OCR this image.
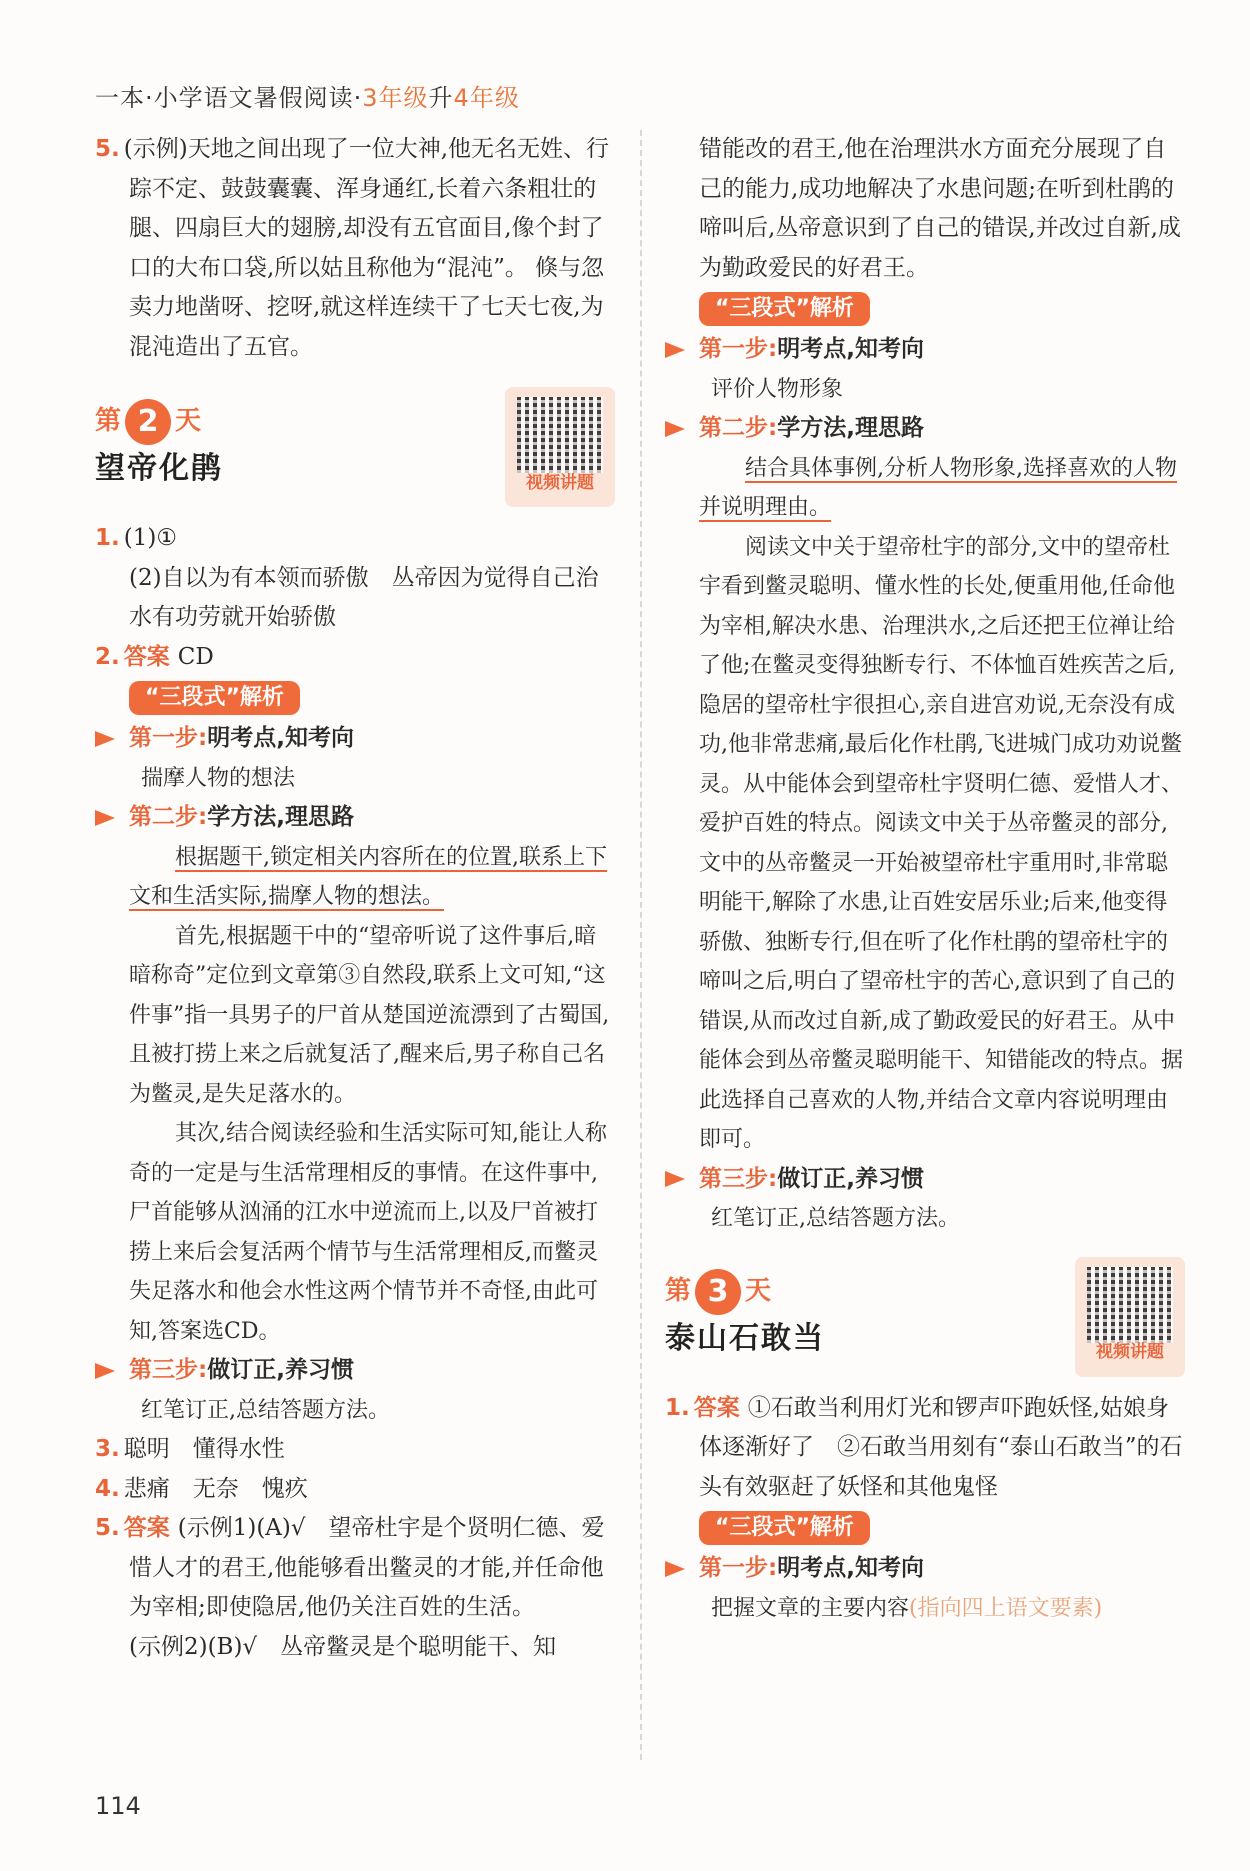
一本·小学语文暑假阅读·3年级升4年级
5. (示例)天地之间出现了一位大神,他无名无姓、行踪不定、鼓鼓囊囊、浑身通红,长着六条粗壮的腿、四扇巨大的翅膀,却没有五官面目,像个封了口的大布口袋,所以姑且称他为“混沌”。 倏与忽卖力地凿呀、挖呀,就这样连续干了七天七夜,为混沌造出了五官。
第 2 天
望帝化鹃	视频讲题
1. (1)①
(2)自以为有本领而骄傲　丛帝因为觉得自己治水有功劳就开始骄傲
2. 答案 CD
“三段式”解析
第一步:明考点,知考向
揣摩人物的想法
第二步:学方法,理思路
根据题干,锁定相关内容所在的位置,联系上下文和生活实际,揣摩人物的想法。
首先,根据题干中的“望帝听说了这件事后,暗暗称奇”定位到文章第③自然段,联系上文可知,“这件事”指一具男子的尸首从楚国逆流漂到了古蜀国,且被打捞上来之后就复活了,醒来后,男子称自己名为鳖灵,是失足落水的。
其次,结合阅读经验和生活实际可知,能让人称奇的一定是与生活常理相反的事情。在这件事中,尸首能够从汹涌的江水中逆流而上,以及尸首被打捞上来后会复活两个情节与生活常理相反,而鳖灵失足落水和他会水性这两个情节并不奇怪,由此可知,答案选CD。
第三步:做订正,养习惯
红笔订正,总结答题方法。
3. 聪明　懂得水性
4. 悲痛　无奈　愧疚
5. 答案 (示例1)(A)√　望帝杜宇是个贤明仁德、爱惜人才的君王,他能够看出鳖灵的才能,并任命他为宰相;即使隐居,他仍关注百姓的生活。
(示例2)(B)√　丛帝鳖灵是个聪明能干、知
错能改的君王,他在治理洪水方面充分展现了自己的能力,成功地解决了水患问题;在听到杜鹃的啼叫后,丛帝意识到了自己的错误,并改过自新,成为勤政爱民的好君王。
“三段式”解析
第一步:明考点,知考向
评价人物形象
第二步:学方法,理思路
结合具体事例,分析人物形象,选择喜欢的人物并说明理由。
阅读文中关于望帝杜宇的部分,文中的望帝杜宇看到鳖灵聪明、懂水性的长处,便重用他,任命他为宰相,解决水患、治理洪水,之后还把王位禅让给了他;在鳖灵变得独断专行、不体恤百姓疾苦之后,隐居的望帝杜宇很担心,亲自进宫劝说,无奈没有成功,他非常悲痛,最后化作杜鹃,飞进城门成功劝说鳖灵。从中能体会到望帝杜宇贤明仁德、爱惜人才、爱护百姓的特点。阅读文中关于丛帝鳖灵的部分,文中的丛帝鳖灵一开始被望帝杜宇重用时,非常聪明能干,解除了水患,让百姓安居乐业;后来,他变得骄傲、独断专行,但在听了化作杜鹃的望帝杜宇的啼叫之后,明白了望帝杜宇的苦心,意识到了自己的错误,从而改过自新,成了勤政爱民的好君王。从中能体会到丛帝鳖灵聪明能干、知错能改的特点。据此选择自己喜欢的人物,并结合文章内容说明理由即可。
第三步:做订正,养习惯
红笔订正,总结答题方法。
第 3 天
泰山石敢当	视频讲题
1. 答案 ①石敢当利用灯光和锣声吓跑妖怪,姑娘身体逐渐好了　②石敢当用刻有“泰山石敢当”的石头有效驱赶了妖怪和其他鬼怪
“三段式”解析
第一步:明考点,知考向
把握文章的主要内容(指向四上语文要素)
114
